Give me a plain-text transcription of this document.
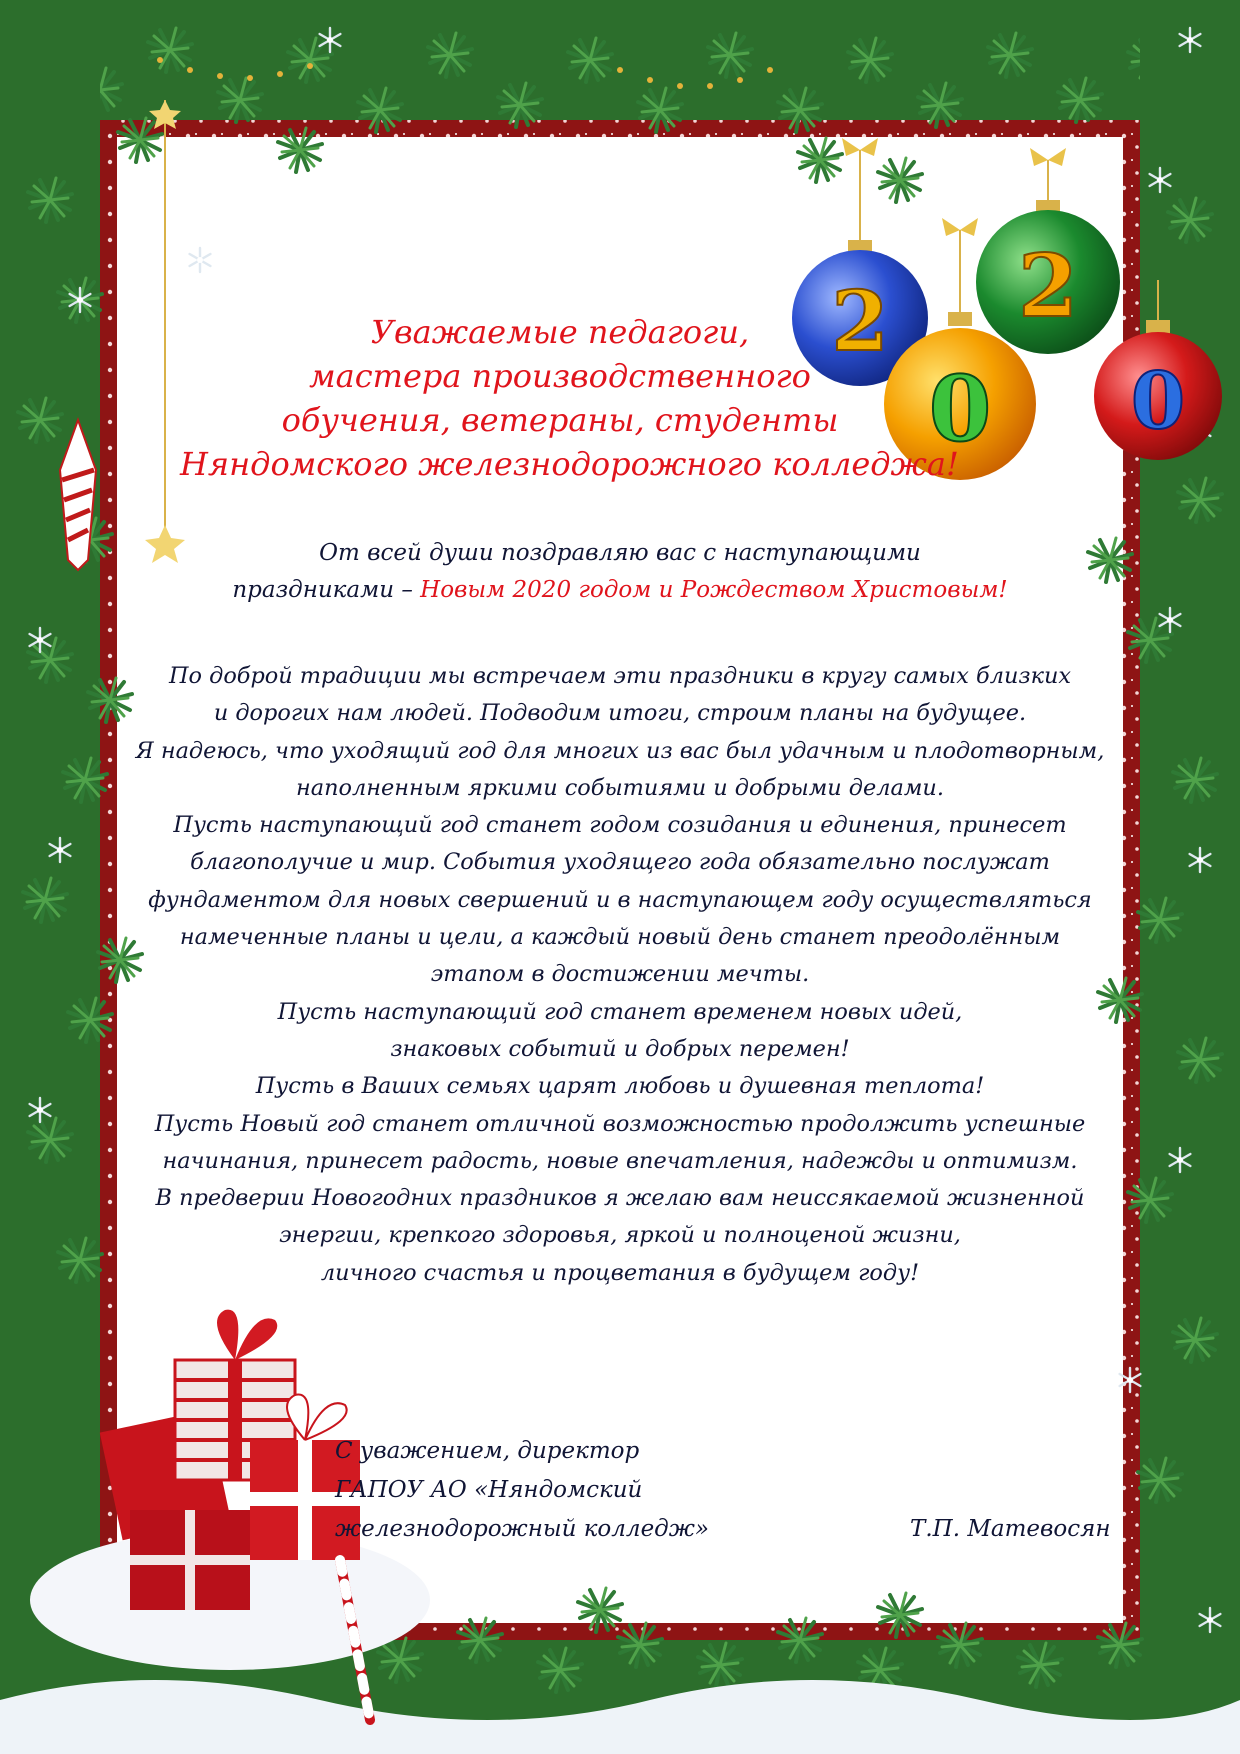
2
0
2
0
Уважаемые педагоги,
мастера производственного
обучения, ветераны, студенты
Няндомского железнодорожного колледжа!
От всей души поздравляю вас с наступающими
праздниками – Новым 2020 годом и Рождеством Христовым!
По доброй традиции мы встречаем эти праздники в кругу самых близких
и дорогих нам людей. Подводим итоги, строим планы на будущее.
Я надеюсь, что уходящий год для многих из вас был удачным и плодотворным,
наполненным яркими событиями и добрыми делами.
Пусть наступающий год станет годом созидания и единения, принесет
благополучие и мир. События уходящего года обязательно послужат
фундаментом для новых свершений и в наступающем году осуществляться
намеченные планы и цели, а каждый новый день станет преодолённым
этапом в достижении мечты.
Пусть наступающий год станет временем новых идей,
знаковых событий и добрых перемен!
Пусть в Ваших семьях царят любовь и душевная теплота!
Пусть Новый год станет отличной возможностью продолжить успешные
начинания, принесет радость, новые впечатления, надежды и оптимизм.
В предверии Новогодних праздников я желаю вам неиссякаемой жизненной
энергии, крепкого здоровья, яркой и полноценой жизни,
личного счастья и процветания в будущем году!
С уважением, директор
ГАПОУ АО «Няндомский
железнодорожный колледж»	Т.П. Матевосян
